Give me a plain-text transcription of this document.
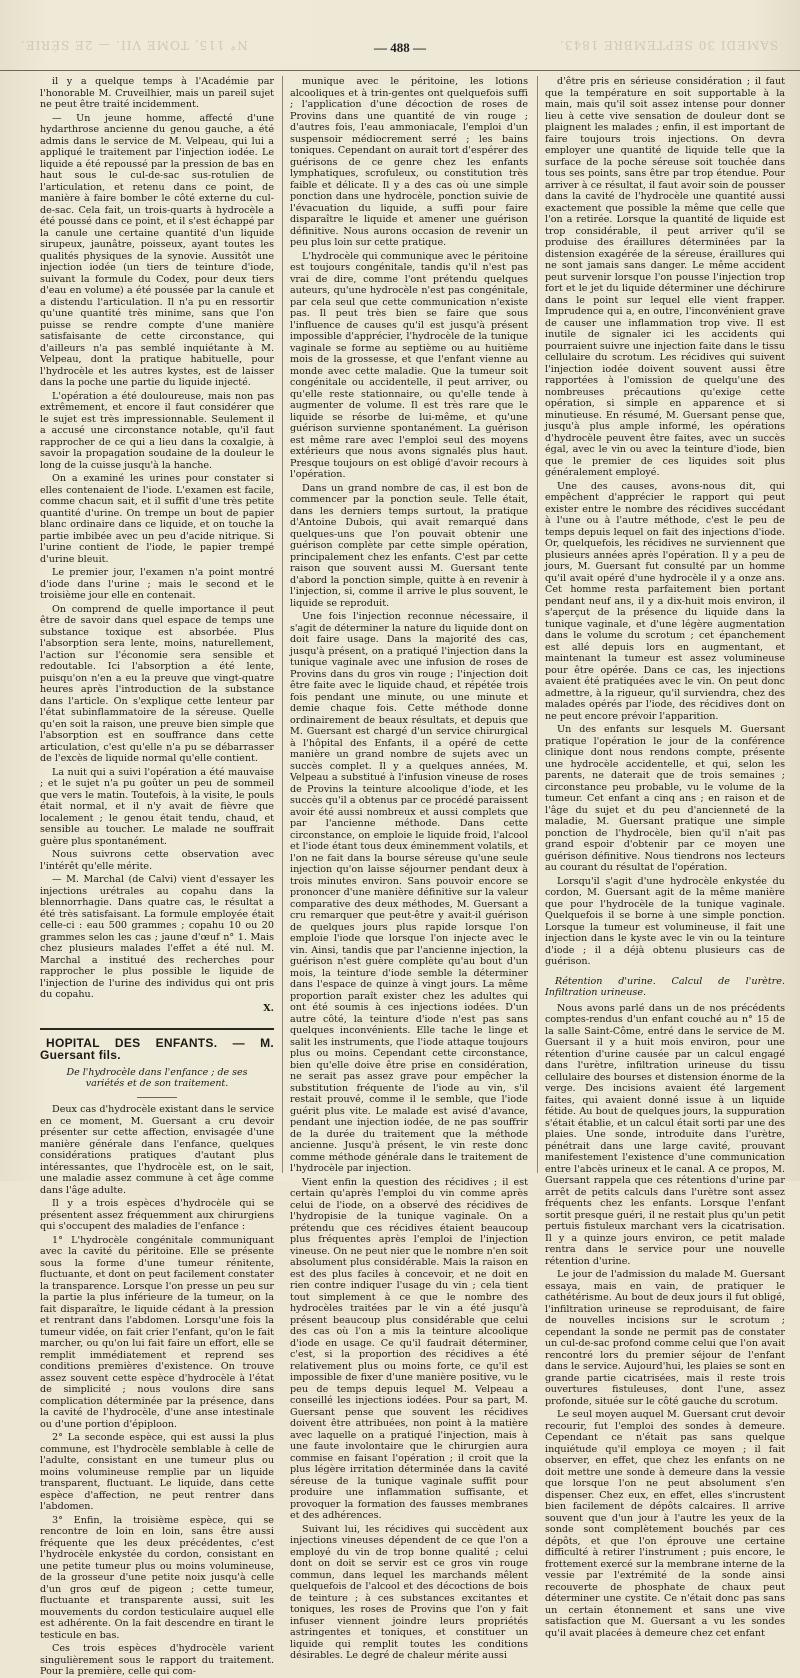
N° 115, TOME VII. — 2E SÉRIE.	— 488 —	SAMEDI 30 SEPTEMBRE 1843.

il y a quelque temps à l'Académie par l'honorable M. Cruveilhier, mais un pareil sujet ne peut être traité incidemment.

— Un jeune homme, affecté d'une hydarthrose ancienne du genou gauche, a été admis dans le service de M. Velpeau, qui lui a appliqué le traitement par l'injection iodée. Le liquide a été repoussé par la pression de bas en haut sous le cul-de-sac sus-rotulien de l'articulation, et retenu dans ce point, de manière à faire bomber le côté externe du cul-de-sac. Cela fait, un trois-quarts à hydrocèle a été poussé dans ce point, et il s'est échappé par la canule une certaine quantité d'un liquide sirupeux, jaunâtre, poisseux, ayant toutes les qualités physiques de la synovie. Aussitôt une injection iodée (un tiers de teinture d'iode, suivant la formule du Codex, pour deux tiers d'eau en volume) a été poussée par la canule et a distendu l'articulation. Il n'a pu en ressortir qu'une quantité très minime, sans que l'on puisse se rendre compte d'une manière satisfaisante de cette circonstance, qui d'ailleurs n'a pas semblé inquiétante à M. Velpeau, dont la pratique habituelle, pour l'hydrocèle et les autres kystes, est de laisser dans la poche une partie du liquide injecté.

L'opération a été douloureuse, mais non pas extrêmement, et encore il faut considérer que le sujet est très impressionnable. Seulement il a accusé une circonstance notable, qu'il faut rapprocher de ce qui a lieu dans la coxalgie, à savoir la propagation soudaine de la douleur le long de la cuisse jusqu'à la hanche.

On a examiné les urines pour constater si elles contenaient de l'iode. L'examen est facile, comme chacun sait, et il suffit d'une très petite quantité d'urine. On trempe un bout de papier blanc ordinaire dans ce liquide, et on touche la partie imbibée avec un peu d'acide nitrique. Si l'urine contient de l'iode, le papier trempé d'urine bleuit.

Le premier jour, l'examen n'a point montré d'iode dans l'urine ; mais le second et le troisième jour elle en contenait.

On comprend de quelle importance il peut être de savoir dans quel espace de temps une substance toxique est absorbée. Plus l'absorption sera lente, moins, naturellement, l'action sur l'économie sera sensible et redoutable. Ici l'absorption a été lente, puisqu'on n'en a eu la preuve que vingt-quatre heures après l'introduction de la substance dans l'article. On s'explique cette lenteur par l'état subinflammatoire de la séreuse. Quelle qu'en soit la raison, une preuve bien simple que l'absorption est en souffrance dans cette articulation, c'est qu'elle n'a pu se débarrasser de l'excès de liquide normal qu'elle contient.

La nuit qui a suivi l'opération a été mauvaise ; et le sujet n'a pu goûter un peu de sommeil que vers le matin. Toutefois, à la visite, le pouls était normal, et il n'y avait de fièvre que localement ; le genou était tendu, chaud, et sensible au toucher. Le malade ne souffrait guère plus spontanément.

Nous suivrons cette observation avec l'intérêt qu'elle mérite.

— M. Marchal (de Calvi) vient d'essayer les injections urétrales au copahu dans la blennorrhagie. Dans quatre cas, le résultat a été très satisfaisant. La formule employée était celle-ci : eau 500 grammes ; copahu 10 ou 20 grammes selon les cas ; jaune d'œuf n° 1. Mais chez plusieurs malades l'effet a été nul. M. Marchal a institué des recherches pour rapprocher le plus possible le liquide de l'injection de l'urine des individus qui ont pris du copahu.

X.
HOPITAL DES ENFANTS. — M. Guersant fils.
De l'hydrocèle dans l'enfance ; de ses variétés et de son traitement.

Deux cas d'hydrocèle existant dans le service en ce moment, M. Guersant a cru devoir présenter sur cette affection, envisagée d'une manière générale dans l'enfance, quelques considérations pratiques d'autant plus intéressantes, que l'hydrocèle est, on le sait, une maladie assez commune à cet âge comme dans l'âge adulte.

Il y a trois espèces d'hydrocèle qui se présentent assez fréquemment aux chirurgiens qui s'occupent des maladies de l'enfance :

1° L'hydrocèle congénitale communiquant avec la cavité du péritoine. Elle se présente sous la forme d'une tumeur rénitente, fluctuante, et dont on peut facilement constater la transparence. Lorsque l'on presse un peu sur la partie la plus inférieure de la tumeur, on la fait disparaître, le liquide cédant à la pression et rentrant dans l'abdomen. Lorsqu'une fois la tumeur vidée, on fait crier l'enfant, qu'on le fait marcher, ou qu'on lui fait faire un effort, elle se remplit immédiatement et reprend ses conditions premières d'existence. On trouve assez souvent cette espèce d'hydrocèle à l'état de simplicité ; nous voulons dire sans complication déterminée par la présence, dans la cavité de l'hydrocèle, d'une anse intestinale ou d'une portion d'épiploon.

2° La seconde espèce, qui est aussi la plus commune, est l'hydrocèle semblable à celle de l'adulte, consistant en une tumeur plus ou moins volumineuse remplie par un liquide transparent, fluctuant. Le liquide, dans cette espèce d'affection, ne peut rentrer dans l'abdomen.

3° Enfin, la troisième espèce, qui se rencontre de loin en loin, sans être aussi fréquente que les deux précédentes, c'est l'hydrocèle enkystée du cordon, consistant en une petite tumeur plus ou moins volumineuse, de la grosseur d'une petite noix jusqu'à celle d'un gros œuf de pigeon ; cette tumeur, fluctuante et transparente aussi, suit les mouvements du cordon testiculaire auquel elle est adhérente. On la fait descendre en tirant le testicule en bas.

Ces trois espèces d'hydrocèle varient singulièrement sous le rapport du traitement. Pour la première, celle qui com-

munique avec le péritoine, les lotions alcooliques et à trin-gentes ont quelquefois suffi ; l'application d'une décoction de roses de Provins dans une quantité de vin rouge ; d'autres fois, l'eau ammoniacale, l'emploi d'un suspensoir médiocrement serré ; les bains toniques. Cependant on aurait tort d'espérer des guérisons de ce genre chez les enfants lymphatiques, scrofuleux, ou constitution très faible et délicate. Il y a des cas où une simple ponction dans une hydrocèle, ponction suivie de l'évacuation du liquide, a suffi pour faire disparaître le liquide et amener une guérison définitive. Nous aurons occasion de revenir un peu plus loin sur cette pratique.

L'hydrocèle qui communique avec le péritoine est toujours congénitale, tandis qu'il n'est pas vrai de dire, comme l'ont prétendu quelques auteurs, qu'une hydrocèle n'est pas congénitale, par cela seul que cette communication n'existe pas. Il peut très bien se faire que sous l'influence de causes qu'il est jusqu'à présent impossible d'apprécier, l'hydrocèle de la tunique vaginale se forme au septième ou au huitième mois de la grossesse, et que l'enfant vienne au monde avec cette maladie. Que la tumeur soit congénitale ou accidentelle, il peut arriver, ou qu'elle reste stationnaire, ou qu'elle tende à augmenter de volume. Il est très rare que le liquide se résorbe de lui-même, et qu'une guérison survienne spontanément. La guérison est même rare avec l'emploi seul des moyens extérieurs que nous avons signalés plus haut. Presque toujours on est obligé d'avoir recours à l'opération.

Dans un grand nombre de cas, il est bon de commencer par la ponction seule. Telle était, dans les derniers temps surtout, la pratique d'Antoine Dubois, qui avait remarqué dans quelques-uns que l'on pouvait obtenir une guérison complète par cette simple opération, principalement chez les enfants. C'est par cette raison que souvent aussi M. Guersant tente d'abord la ponction simple, quitte à en revenir à l'injection, si, comme il arrive le plus souvent, le liquide se reproduit.

Une fois l'injection reconnue nécessaire, il s'agit de déterminer la nature du liquide dont on doit faire usage. Dans la majorité des cas, jusqu'à présent, on a pratiqué l'injection dans la tunique vaginale avec une infusion de roses de Provins dans du gros vin rouge ; l'injection doit être faite avec le liquide chaud, et répétée trois fois pendant une minute, ou une minute et demie chaque fois. Cette méthode donne ordinairement de beaux résultats, et depuis que M. Guersant est chargé d'un service chirurgical à l'hôpital des Enfants, il a opéré de cette manière un grand nombre de sujets avec un succès complet. Il y a quelques années, M. Velpeau a substitué à l'infusion vineuse de roses de Provins la teinture alcoolique d'iode, et les succès qu'il a obtenus par ce procédé paraissent avoir été aussi nombreux et aussi complets que par l'ancienne méthode. Dans cette circonstance, on emploie le liquide froid, l'alcool et l'iode étant tous deux éminemment volatils, et l'on ne fait dans la bourse séreuse qu'une seule injection qu'on laisse séjourner pendant deux à trois minutes environ. Sans pouvoir encore se prononcer d'une manière définitive sur la valeur comparative des deux méthodes, M. Guersant a cru remarquer que peut-être y avait-il guérison de quelques jours plus rapide lorsque l'on emploie l'iode que lorsque l'on injecte avec le vin. Ainsi, tandis que par l'ancienne injection, la guérison n'est guère complète qu'au bout d'un mois, la teinture d'iode semble la déterminer dans l'espace de quinze à vingt jours. La même proportion paraît exister chez les adultes qui ont été soumis à ces injections iodées. D'un autre côté, la teinture d'iode n'est pas sans quelques inconvénients. Elle tache le linge et salit les instruments, que l'iode attaque toujours plus ou moins. Cependant cette circonstance, bien qu'elle doive être prise en considération, ne serait pas assez grave pour empêcher la substitution fréquente de l'iode au vin, s'il restait prouvé, comme il le semble, que l'iode guérit plus vite. Le malade est avisé d'avance, pendant une injection iodée, de ne pas souffrir de la durée du traitement que la méthode ancienne. Jusqu'à présent, le vin reste donc comme méthode générale dans le traitement de l'hydrocèle par injection.

Vient enfin la question des récidives ; il est certain qu'après l'emploi du vin comme après celui de l'iode, on a observé des récidives de l'hydropisie de la tunique vaginale. On a prétendu que ces récidives étaient beaucoup plus fréquentes après l'emploi de l'injection vineuse. On ne peut nier que le nombre n'en soit absolument plus considérable. Mais la raison en est des plus faciles à concevoir, et ne doit en rien contre indiquer l'usage du vin ; cela tient tout simplement à ce que le nombre des hydrocèles traitées par le vin a été jusqu'à présent beaucoup plus considérable que celui des cas où l'on a mis la teinture alcoolique d'iode en usage. Ce qu'il faudrait déterminer, c'est, si la proportion des récidives a été relativement plus ou moins forte, ce qu'il est impossible de fixer d'une manière positive, vu le peu de temps depuis lequel M. Velpeau a conseillé les injections iodées. Pour sa part, M. Guersant pense que souvent les récidives doivent être attribuées, non point à la matière avec laquelle on a pratiqué l'injection, mais à une faute involontaire que le chirurgien aura commise en faisant l'opération ; il croit que la plus légère irritation déterminée dans la cavité séreuse de la tunique vaginale suffit pour produire une inflammation suffisante, et provoquer la formation des fausses membranes et des adhérences.

Suivant lui, les récidives qui succèdent aux injections vineuses dépendent de ce que l'on a employé du vin de trop bonne qualité ; celui dont on doit se servir est ce gros vin rouge commun, dans lequel les marchands mêlent quelquefois de l'alcool et des décoctions de bois de teinture ; à ces substances excitantes et toniques, les roses de Provins que l'on y fait infuser viennent joindre leurs propriétés astringentes et toniques, et constituer un liquide qui remplit toutes les conditions désirables. Le degré de chaleur mérite aussi

d'être pris en sérieuse considération ; il faut que la température en soit supportable à la main, mais qu'il soit assez intense pour donner lieu à cette vive sensation de douleur dont se plaignent les malades ; enfin, il est important de faire toujours trois injections. On devra employer une quantité de liquide telle que la surface de la poche séreuse soit touchée dans tous ses points, sans être par trop étendue. Pour arriver à ce résultat, il faut avoir soin de pousser dans la cavité de l'hydrocèle une quantité aussi exactement que possible la même que celle que l'on a retirée. Lorsque la quantité de liquide est trop considérable, il peut arriver qu'il se produise des éraillures déterminées par la distension exagérée de la séreuse, éraillures qui ne sont jamais sans danger. Le même accident peut survenir lorsque l'on pousse l'injection trop fort et le jet du liquide déterminer une déchirure dans le point sur lequel elle vient frapper. Imprudence qui a, en outre, l'inconvénient grave de causer une inflammation trop vive. Il est inutile de signaler ici les accidents qui pourraient suivre une injection faite dans le tissu cellulaire du scrotum. Les récidives qui suivent l'injection iodée doivent souvent aussi être rapportées à l'omission de quelqu'une des nombreuses précautions qu'exige cette opération, si simple en apparence et si minutieuse. En résumé, M. Guersant pense que, jusqu'à plus ample informé, les opérations d'hydrocèle peuvent être faites, avec un succès égal, avec le vin ou avec la teinture d'iode, bien que le premier de ces liquides soit plus généralement employé.

Une des causes, avons-nous dit, qui empêchent d'apprécier le rapport qui peut exister entre le nombre des récidives succédant à l'une ou à l'autre méthode, c'est le peu de temps depuis lequel on fait des injections d'iode. Or, quelquefois, les récidives ne surviennent que plusieurs années après l'opération. Il y a peu de jours, M. Guersant fut consulté par un homme qu'il avait opéré d'une hydrocèle il y a onze ans. Cet homme resta parfaitement bien portant pendant neuf ans, il y a dix-huit mois environ, il s'aperçut de la présence du liquide dans la tunique vaginale, et d'une légère augmentation dans le volume du scrotum ; cet épanchement est allé depuis lors en augmentant, et maintenant la tumeur est assez volumineuse pour être opérée. Dans ce cas, les injections avaient été pratiquées avec le vin. On peut donc admettre, à la rigueur, qu'il surviendra, chez des malades opérés par l'iode, des récidives dont on ne peut encore prévoir l'apparition.

Un des enfants sur lesquels M. Guersant pratique l'opération le jour de la conférence clinique dont nous rendons compte, présente une hydrocèle accidentelle, et qui, selon les parents, ne daterait que de trois semaines ; circonstance peu probable, vu le volume de la tumeur. Cet enfant a cinq ans ; en raison et de l'âge du sujet et du peu d'ancienneté de la maladie, M. Guersant pratique une simple ponction de l'hydrocèle, bien qu'il n'ait pas grand espoir d'obtenir par ce moyen une guérison définitive. Nous tiendrons nos lecteurs au courant du résultat de l'opération.

Lorsqu'il s'agit d'une hydrocèle enkystée du cordon, M. Guersant agit de la même manière que pour l'hydrocèle de la tunique vaginale. Quelquefois il se borne à une simple ponction. Lorsque la tumeur est volumineuse, il fait une injection dans le kyste avec le vin ou la teinture d'iode ; il a déjà obtenu plusieurs cas de guérison.

Rétention d'urine. Calcul de l'urètre. Infiltration urineuse.

Nous avons parlé dans un de nos précédents comptes-rendus d'un enfant couché au n° 15 de la salle Saint-Côme, entré dans le service de M. Guersant il y a huit mois environ, pour une rétention d'urine causée par un calcul engagé dans l'urètre, infiltration urineuse du tissu cellulaire des bourses et distension énorme de la verge. Des incisions avaient été largement faites, qui avaient donné issue à un liquide fétide. Au bout de quelques jours, la suppuration s'était établie, et un calcul était sorti par une des plaies. Une sonde, introduite dans l'urètre, pénétrait dans une large cavité, prouvant manifestement l'existence d'une communication entre l'abcès urineux et le canal. A ce propos, M. Guersant rappela que ces rétentions d'urine par arrêt de petits calculs dans l'urètre sont assez fréquents chez les enfants. Lorsque l'enfant sortit presque guéri, il ne restait plus qu'un petit pertuis fistuleux marchant vers la cicatrisation. Il y a quinze jours environ, ce petit malade rentra dans le service pour une nouvelle rétention d'urine.

Le jour de l'admission du malade M. Guersant essaya, mais en vain, de pratiquer le cathétérisme. Au bout de deux jours il fut obligé, l'infiltration urineuse se reproduisant, de faire de nouvelles incisions sur le scrotum ; cependant la sonde ne permit pas de constater un cul-de-sac profond comme celui que l'on avait rencontré lors du premier séjour de l'enfant dans le service. Aujourd'hui, les plaies se sont en grande partie cicatrisées, mais il reste trois ouvertures fistuleuses, dont l'une, assez profonde, située sur le côté gauche du scrotum.

Le seul moyen auquel M. Guersant crut devoir recourir, fut l'emploi des sondes à demeure. Cependant ce n'était pas sans quelque inquiétude qu'il employa ce moyen ; il fait observer, en effet, que chez les enfants on ne doit mettre une sonde à demeure dans la vessie que lorsque l'on ne peut absolument s'en dispenser. Chez eux, en effet, elles s'incrustent bien facilement de dépôts calcaires. Il arrive souvent que d'un jour à l'autre les yeux de la sonde sont complètement bouchés par ces dépôts, et que l'on éprouve une certaine difficulté à retirer l'instrument ; puis encore, le frottement exercé sur la membrane interne de la vessie par l'extrémité de la sonde ainsi recouverte de phosphate de chaux peut déterminer une cystite. Ce n'était donc pas sans un certain étonnement et sans une vive satisfaction que M. Guersant a vu les sondes qu'il avait placées à demeure chez cet enfant
